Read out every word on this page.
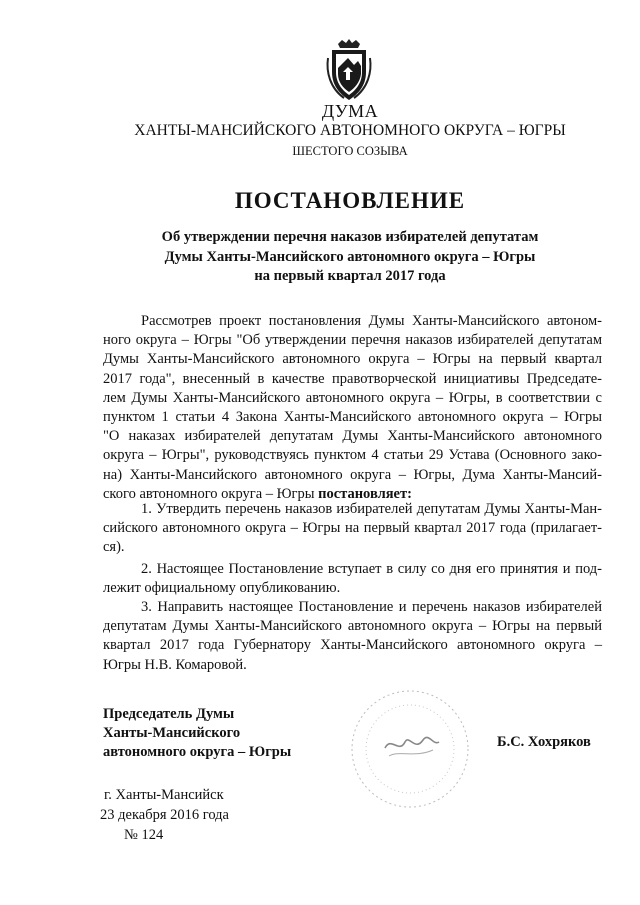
ДУМА
ХАНТЫ-МАНСИЙСКОГО АВТОНОМНОГО ОКРУГА – ЮГРЫ
ШЕСТОГО СОЗЫВА
ПОСТАНОВЛЕНИЕ
Об утверждении перечня наказов избирателей депутатам
Думы Ханты-Мансийского автономного округа – Югры
на первый квартал 2017 года
Рассмотрев проект постановления Думы Ханты-Мансийского автоном-
ного округа – Югры "Об утверждении перечня наказов избирателей депутатам
Думы Ханты-Мансийского автономного округа – Югры на первый квартал
2017 года", внесенный в качестве правотворческой инициативы Председате-
лем Думы Ханты-Мансийского автономного округа – Югры, в соответствии с
пунктом 1 статьи 4 Закона Ханты-Мансийского автономного округа – Югры
"О наказах избирателей депутатам Думы Ханты-Мансийского автономного
округа – Югры", руководствуясь пунктом 4 статьи 29 Устава (Основного зако-
на) Ханты-Мансийского автономного округа – Югры, Дума Ханты-Мансий-
ского автономного округа – Югры постановляет:
1. Утвердить перечень наказов избирателей депутатам Думы Ханты-Ман-
сийского автономного округа – Югры на первый квартал 2017 года (прилагает-
ся).
2. Настоящее Постановление вступает в силу со дня его принятия и под-
лежит официальному опубликованию.
3. Направить настоящее Постановление и перечень наказов избирателей
депутатам Думы Ханты-Мансийского автономного округа – Югры на первый
квартал 2017 года Губернатору Ханты-Мансийского автономного округа –
Югры Н.В. Комаровой.
Председатель Думы
Ханты-Мансийского
автономного округа – Югры
Б.С. Хохряков
г. Ханты-Мансийск
23 декабря 2016 года
№ 124
